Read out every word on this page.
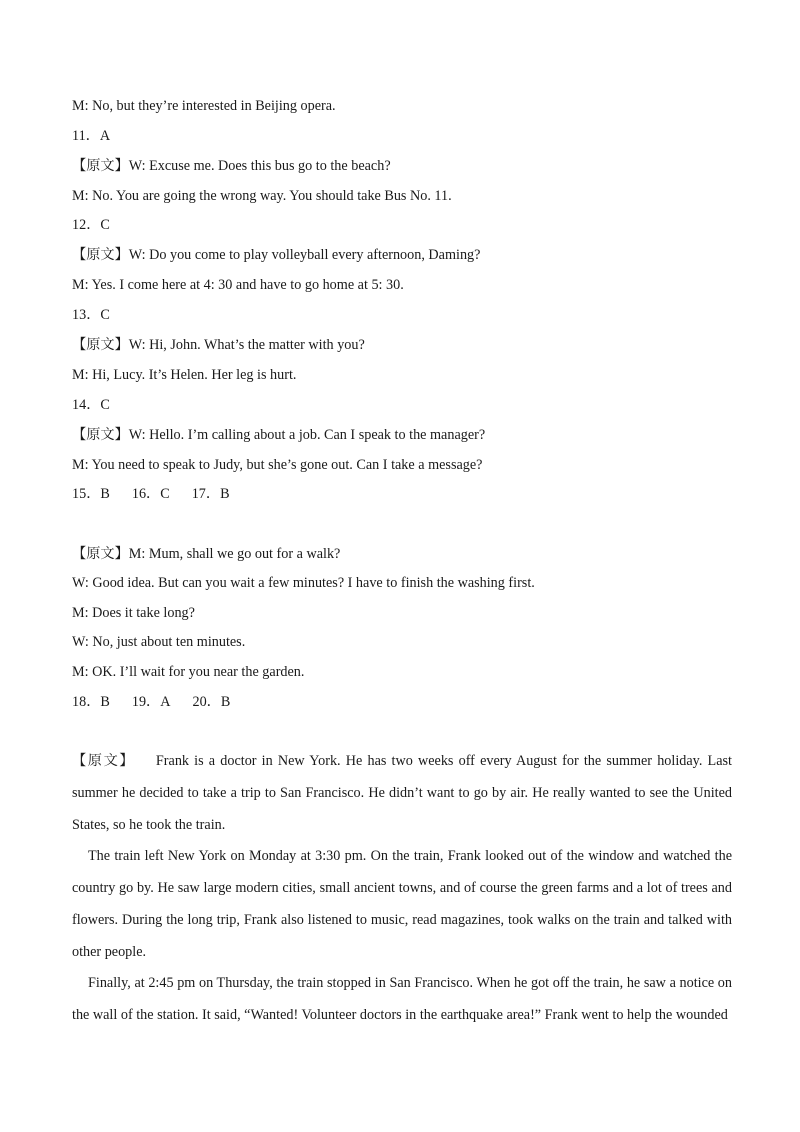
M: No, but they’re interested in Beijing opera.
11．A
【原文】W: Excuse me. Does this bus go to the beach?
M: No. You are going the wrong way. You should take Bus No. 11.
12．C
【原文】W: Do you come to play volleyball every afternoon, Daming?
M: Yes. I come here at 4: 30 and have to go home at 5: 30.
13．C
【原文】W: Hi, John. What’s the matter with you?
M: Hi, Lucy. It’s Helen. Her leg is hurt.
14．C
【原文】W: Hello. I’m calling about a job. Can I speak to the manager?
M: You need to speak to Judy, but she’s gone out. Can I take a message?
15．B 16．C 17．B
【原文】M: Mum, shall we go out for a walk?
W: Good idea. But can you wait a few minutes? I have to finish the washing first.
M: Does it take long?
W: No, just about ten minutes.
M: OK. I’ll wait for you near the garden.
18．B 19．A 20．B
【原文】 Frank is a doctor in New York. He has two weeks off every August for the summer holiday. Last summer he decided to take a trip to San Francisco. He didn’t want to go by air. He really wanted to see the United States, so he took the train.
The train left New York on Monday at 3:30 pm. On the train, Frank looked out of the window and watched the country go by. He saw large modern cities, small ancient towns, and of course the green farms and a lot of trees and flowers. During the long trip, Frank also listened to music, read magazines, took walks on the train and talked with other people.
Finally, at 2:45 pm on Thursday, the train stopped in San Francisco. When he got off the train, he saw a notice on the wall of the station. It said, “Wanted! Volunteer doctors in the earthquake area!” Frank went to help the wounded
